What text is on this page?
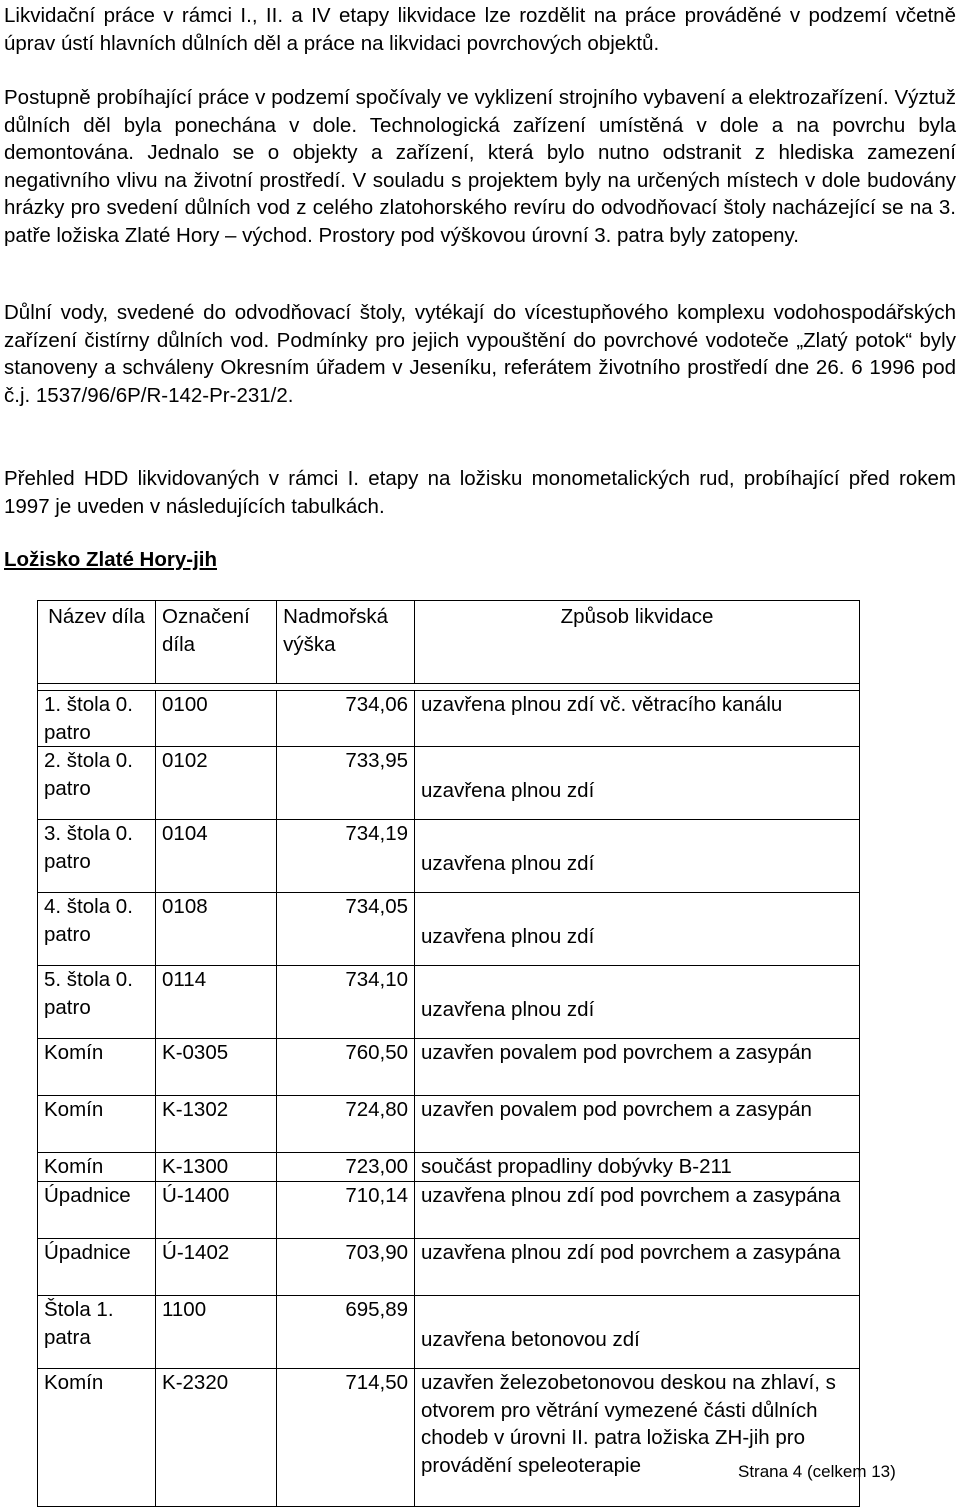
Likvidační práce v rámci I., II. a IV etapy likvidace lze rozdělit na práce prováděné v podzemí včetně úprav ústí hlavních důlních děl a práce na likvidaci povrchových objektů.

Postupně probíhající práce v podzemí spočívaly ve vyklizení strojního vybavení a elektrozařízení. Výztuž důlních děl byla ponechána v dole. Technologická zařízení umístěná v dole a na povrchu byla demontována. Jednalo se o objekty a zařízení, která bylo nutno odstranit z hlediska zamezení negativního vlivu na životní prostředí. V souladu s projektem byly na určených místech v dole budovány hrázky pro svedení důlních vod z celého zlatohorského revíru do odvodňovací štoly nacházející se na 3. patře ložiska Zlaté Hory – východ. Prostory pod výškovou úrovní 3. patra byly zatopeny.

Důlní vody, svedené do odvodňovací štoly, vytékají do vícestupňového komplexu vodohospodářských zařízení čistírny důlních vod. Podmínky pro jejich vypouštění do povrchové vodoteče „Zlatý potok“ byly stanoveny a schváleny Okresním úřadem v Jeseníku, referátem životního prostředí dne 26. 6 1996 pod č.j. 1537/96/6P/R-142-Pr-231/2.

Přehled HDD likvidovaných v rámci I. etapy na ložisku monometalických rud, probíhající před rokem 1997 je uveden v následujících tabulkách.

Ložisko Zlaté Hory-jih
Název díla	Označení díla	Nadmořská výška	Způsob likvidace

1. štola 0. patro	0100	734,06	uzavřena plnou zdí vč. větracího kanálu
2. štola 0. patro	0102	733,95	uzavřena plnou zdí
3. štola 0. patro	0104	734,19	uzavřena plnou zdí
4. štola 0. patro	0108	734,05	uzavřena plnou zdí
5. štola 0. patro	0114	734,10	uzavřena plnou zdí
Komín	K-0305	760,50	uzavřen povalem pod povrchem a zasypán
Komín	K-1302	724,80	uzavřen povalem pod povrchem a zasypán
Komín	K-1300	723,00	součást propadliny dobývky B-211
Úpadnice	Ú-1400	710,14	uzavřena plnou zdí pod povrchem a zasypána
Úpadnice	Ú-1402	703,90	uzavřena plnou zdí pod povrchem a zasypána
Štola 1. patra	1100	695,89	uzavřena betonovou zdí
Komín	K-2320	714,50	uzavřen železobetonovou deskou na zhlaví, s otvorem pro větrání vymezené části důlních chodeb v úrovni II. patra ložiska ZH-jih pro provádění speleoterapie	Strana 4 (celkem 13)
